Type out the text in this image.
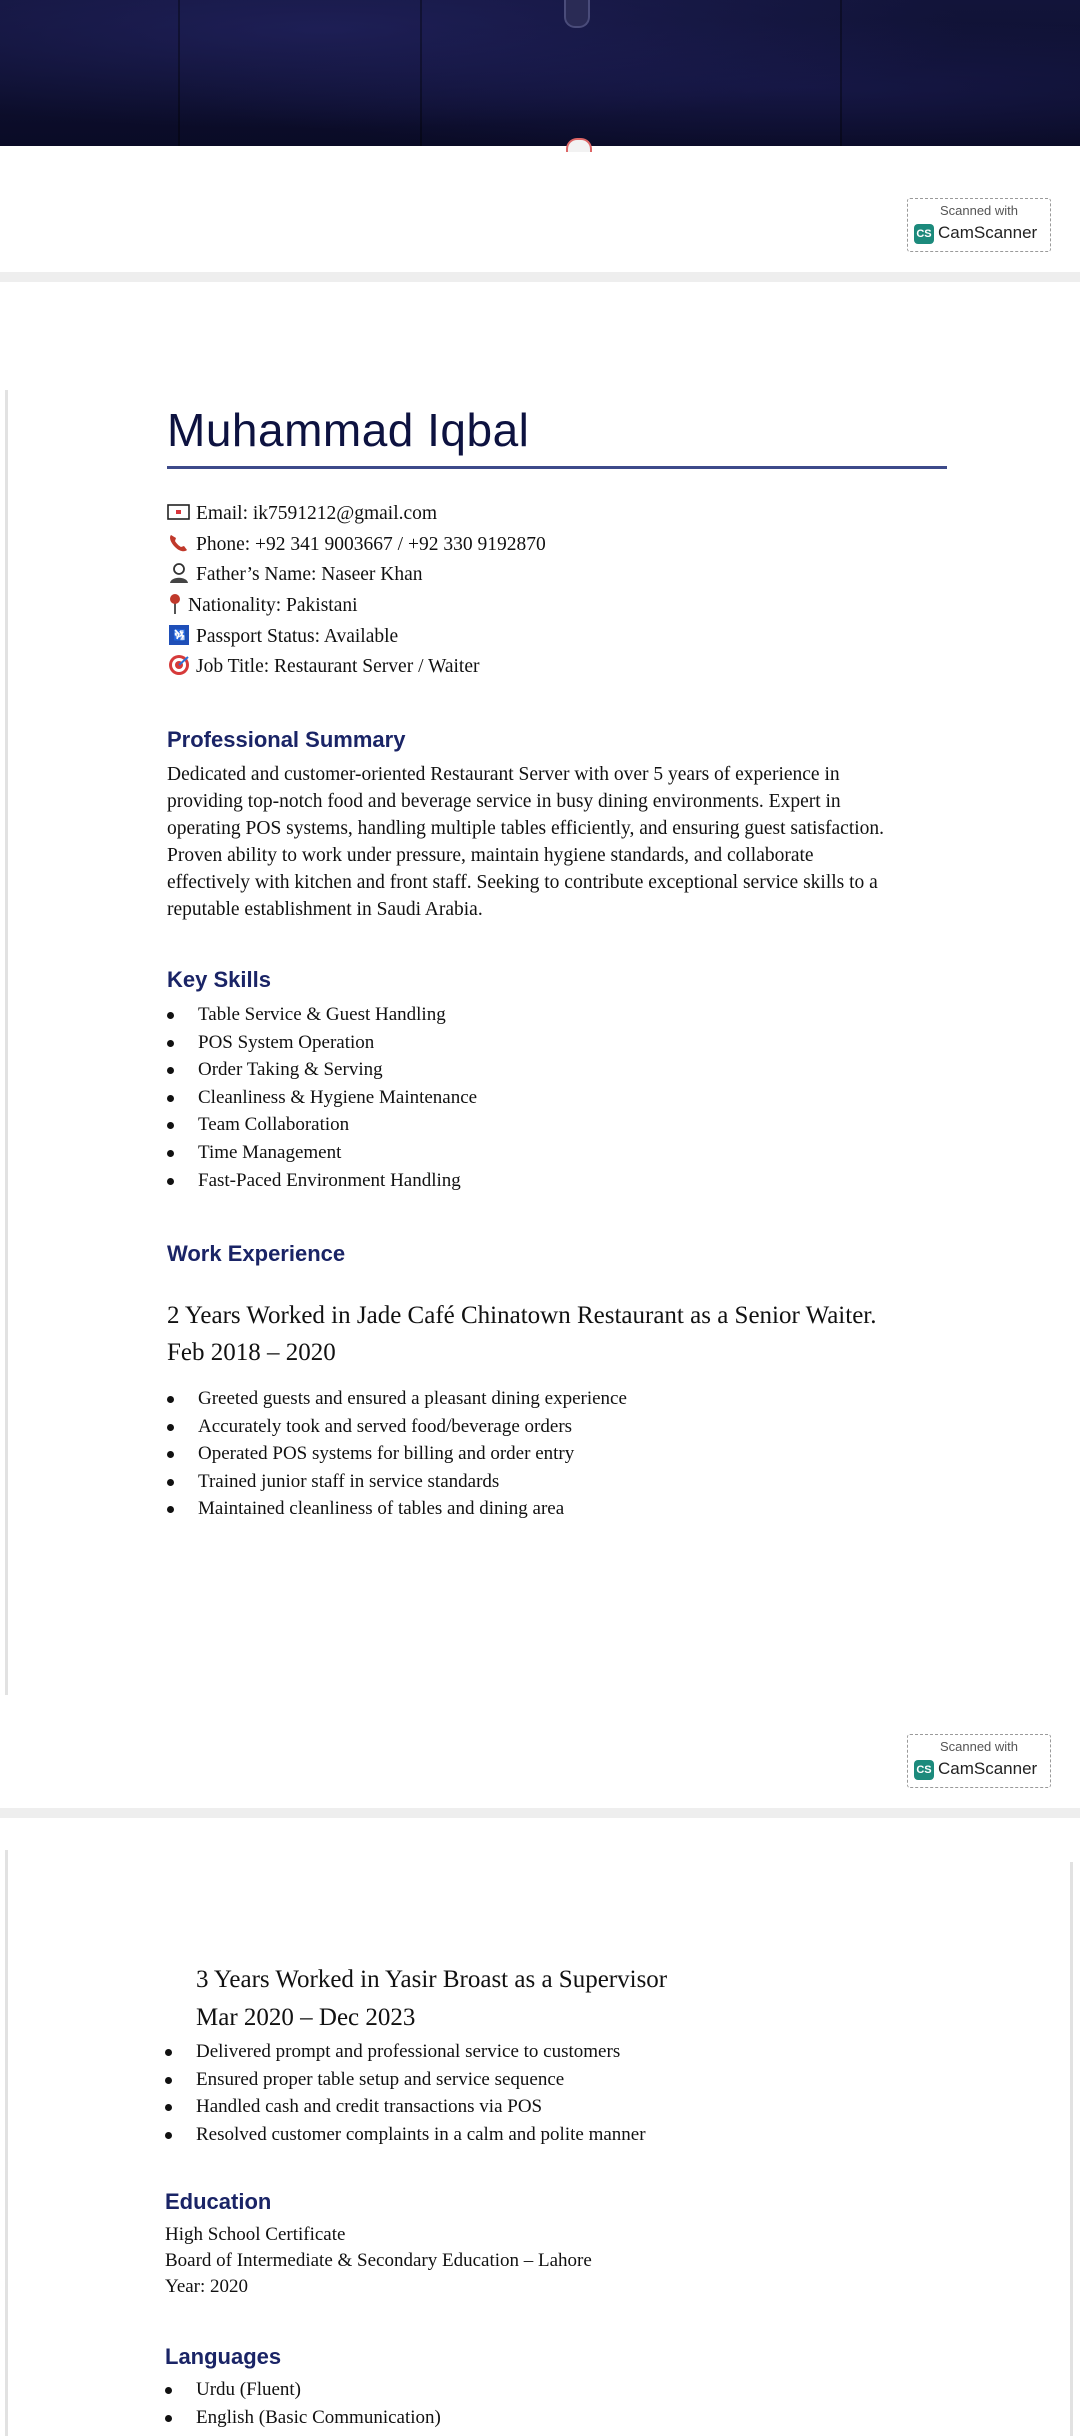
Scanned with
CS CamScanner
Muhammad Iqbal
Email: ik7591212@gmail.com
Phone: +92 341 9003667 / +92 330 9192870
Father’s Name: Naseer Khan
Nationality: Pakistani
🛂 Passport Status: Available
Job Title: Restaurant Server / Waiter
Professional Summary
Dedicated and customer-oriented Restaurant Server with over 5 years of experience in
providing top-notch food and beverage service in busy dining environments. Expert in
operating POS systems, handling multiple tables efficiently, and ensuring guest satisfaction.
Proven ability to work under pressure, maintain hygiene standards, and collaborate
effectively with kitchen and front staff. Seeking to contribute exceptional service skills to a
reputable establishment in Saudi Arabia.
Key Skills
Table Service & Guest Handling
POS System Operation
Order Taking & Serving
Cleanliness & Hygiene Maintenance
Team Collaboration
Time Management
Fast-Paced Environment Handling
Work Experience
2 Years Worked in Jade Café Chinatown Restaurant as a Senior Waiter.
Feb 2018 – 2020
Greeted guests and ensured a pleasant dining experience
Accurately took and served food/beverage orders
Operated POS systems for billing and order entry
Trained junior staff in service standards
Maintained cleanliness of tables and dining area
Scanned with
CS CamScanner
3 Years Worked in Yasir Broast as a Supervisor
Mar 2020 – Dec 2023
Delivered prompt and professional service to customers
Ensured proper table setup and service sequence
Handled cash and credit transactions via POS
Resolved customer complaints in a calm and polite manner
Education
High School Certificate
Board of Intermediate & Secondary Education – Lahore
Year: 2020
Languages
Urdu (Fluent)
English (Basic Communication)
